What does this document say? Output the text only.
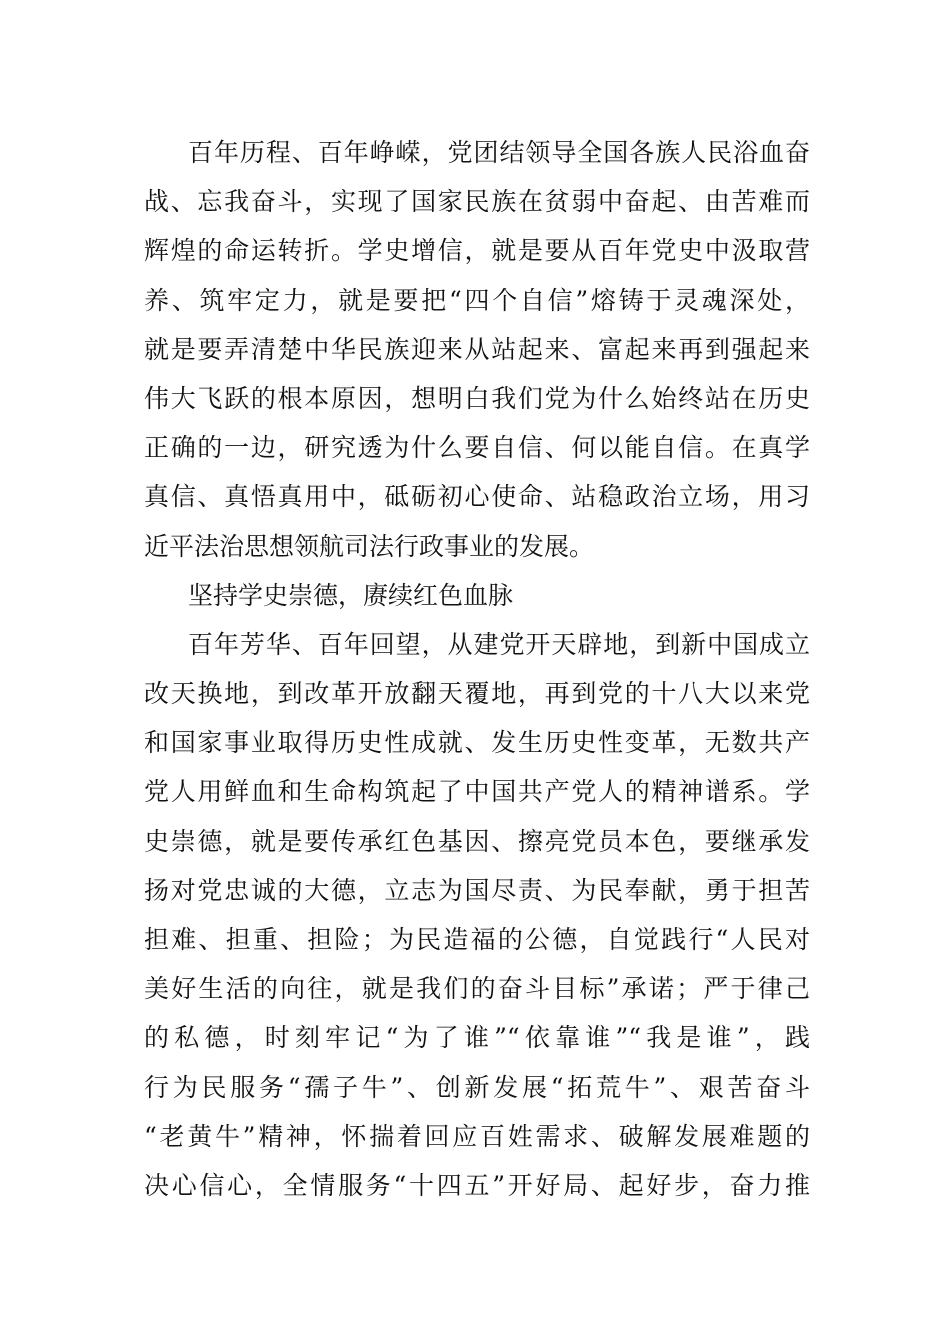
百年历程、百年峥嵘，党团结领导全国各族人民浴血奋
战、忘我奋斗，实现了国家民族在贫弱中奋起、由苦难而
辉煌的命运转折。学史增信，就是要从百年党史中汲取营
养、筑牢定力，就是要把“四个自信”熔铸于灵魂深处，
就是要弄清楚中华民族迎来从站起来、富起来再到强起来
伟大飞跃的根本原因，想明白我们党为什么始终站在历史
正确的一边，研究透为什么要自信、何以能自信。在真学
真信、真悟真用中，砥砺初心使命、站稳政治立场，用习
近平法治思想领航司法行政事业的发展。
坚持学史崇德，赓续红色血脉
百年芳华、百年回望，从建党开天辟地，到新中国成立
改天换地，到改革开放翻天覆地，再到党的十八大以来党
和国家事业取得历史性成就、发生历史性变革，无数共产
党人用鲜血和生命构筑起了中国共产党人的精神谱系。学
史崇德，就是要传承红色基因、擦亮党员本色，要继承发
扬对党忠诚的大德，立志为国尽责、为民奉献，勇于担苦
担难、担重、担险；为民造福的公德，自觉践行“人民对
美好生活的向往，就是我们的奋斗目标”承诺；严于律己
的私德，时刻牢记“为了谁”“依靠谁”“我是谁”，践
行为民服务“孺子牛”、创新发展“拓荒牛”、艰苦奋斗
“老黄牛”精神，怀揣着回应百姓需求、破解发展难题的
决心信心，全情服务“十四五”开好局、起好步，奋力推
